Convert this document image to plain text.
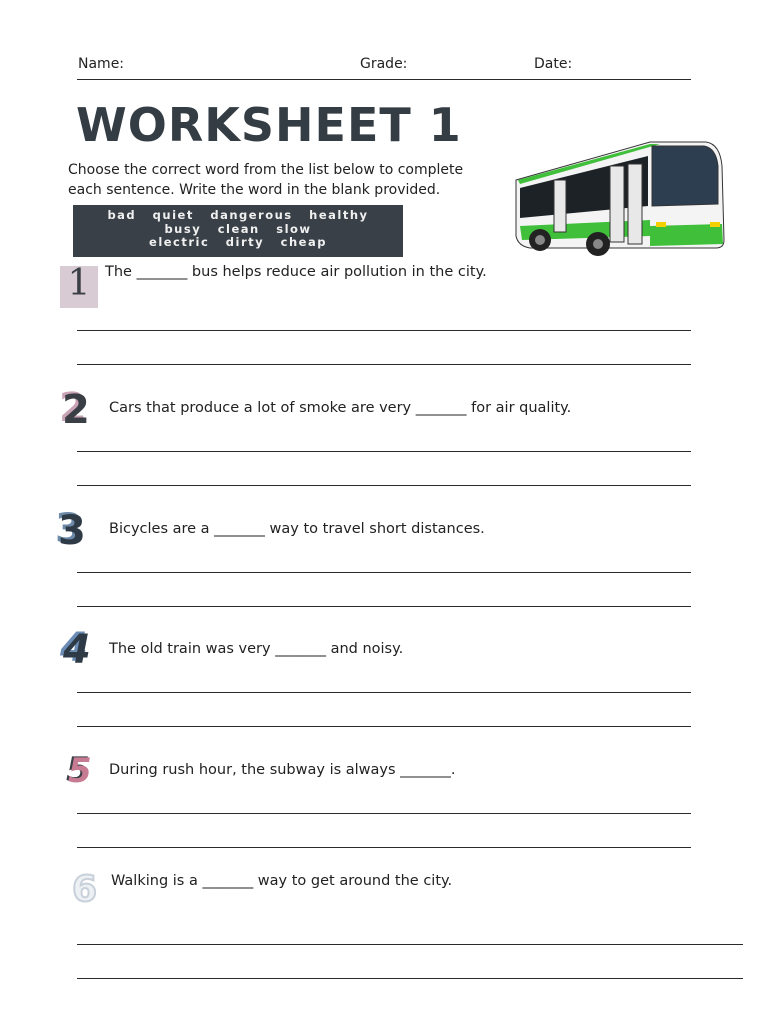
Name:	Grade:	Date:
WORKSHEET 1
Choose the correct word from the list below to complete each sentence. Write the word in the blank provided.
bad   quiet   dangerous   healthy
busy   clean   slow
electric   dirty   cheap
1	The _______ bus helps reduce air pollution in the city.
2 Cars that produce a lot of smoke are very _______ for air quality.
3 Bicycles are a _______ way to travel short distances.
4 The old train was very _______ and noisy.
5 During rush hour, the subway is always _______.
6 Walking is a _______ way to get around the city.
